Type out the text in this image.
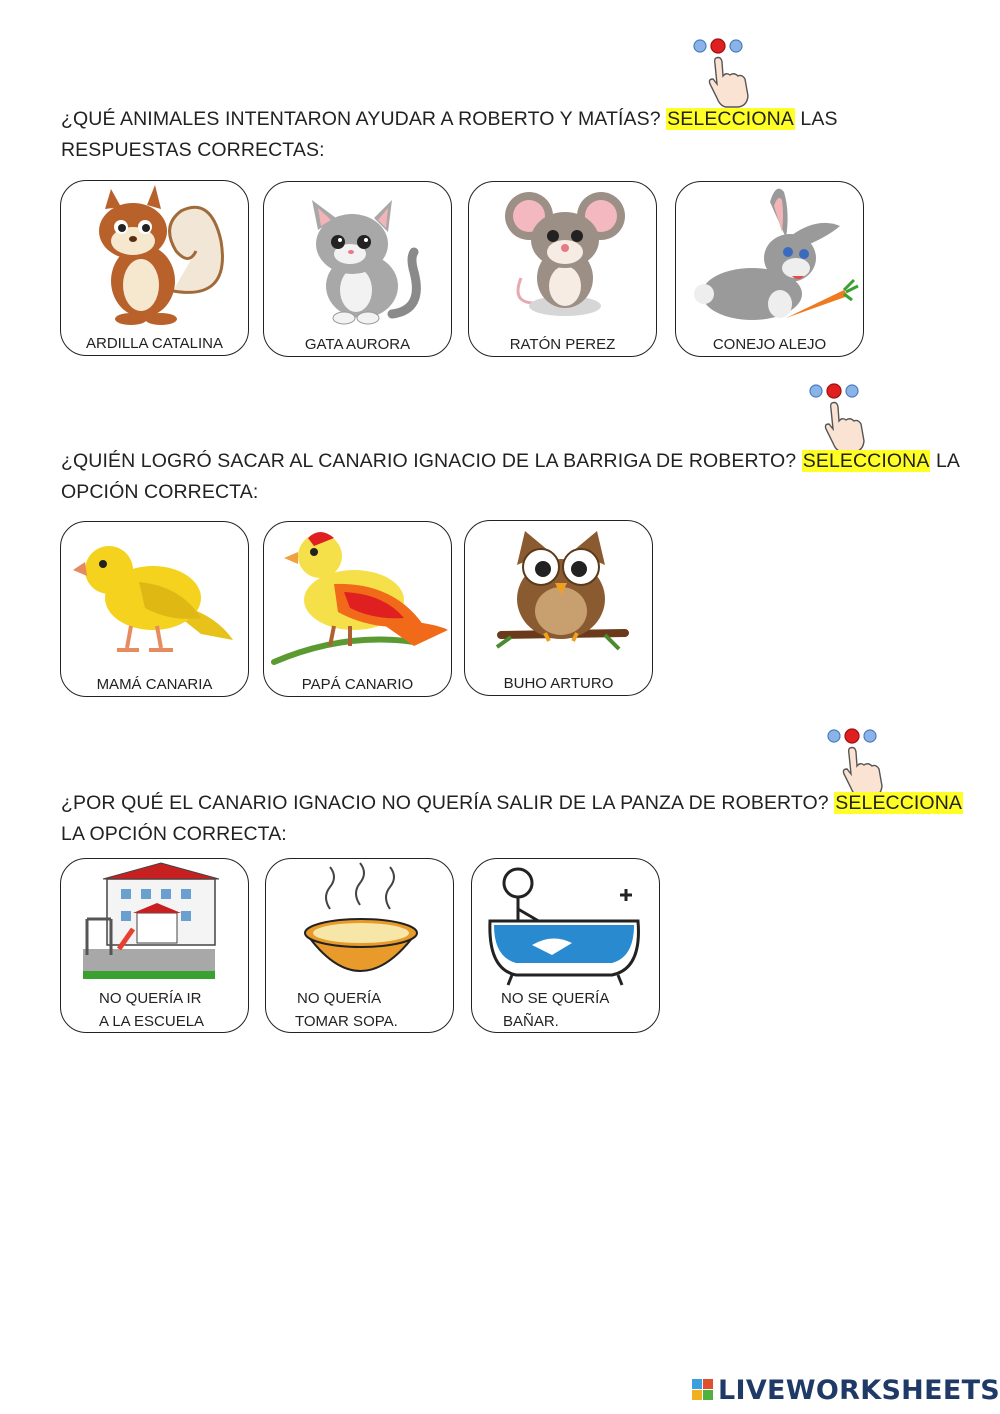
¿QUÉ ANIMALES INTENTARON AYUDAR A ROBERTO Y MATÍAS? SELECCIONA LAS
RESPUESTAS CORRECTAS:
ARDILLA CATALINA	GATA AURORA	RATÓN PEREZ	CONEJO ALEJO
¿QUIÉN LOGRÓ SACAR AL CANARIO IGNACIO DE LA BARRIGA DE ROBERTO? SELECCIONA LA
OPCIÓN CORRECTA:
MAMÁ CANARIA	PAPÁ CANARIO	BUHO ARTURO
¿POR QUÉ EL CANARIO IGNACIO NO QUERÍA SALIR DE LA PANZA DE ROBERTO? SELECCIONA
LA OPCIÓN CORRECTA:
NO QUERÍA IR
A LA ESCUELA
NO QUERÍA
TOMAR SOPA.
NO SE QUERÍA
BAÑAR.
LIVEWORKSHEETS
